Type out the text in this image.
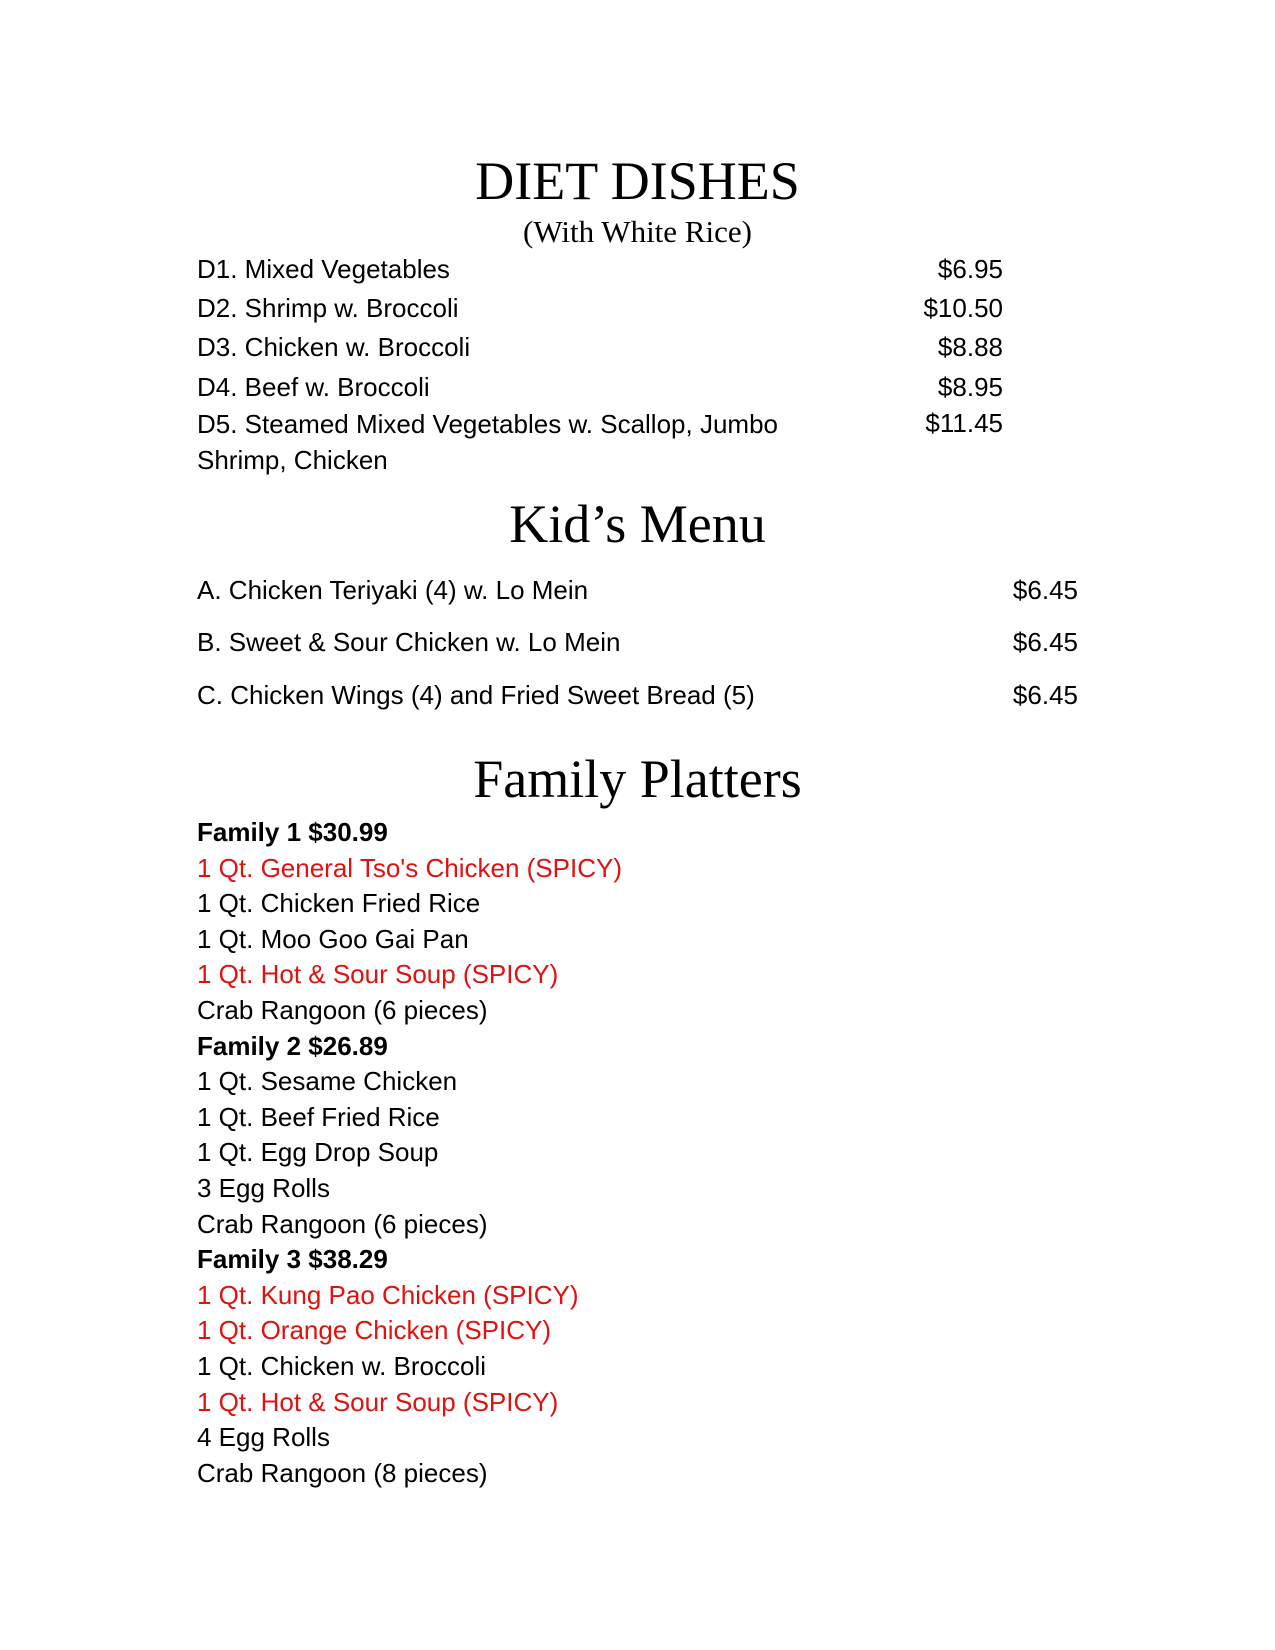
DIET DISHES
(With White Rice)
D1. Mixed Vegetables	$6.95
D2. Shrimp w. Broccoli	$10.50
D3. Chicken w. Broccoli	$8.88
D4. Beef w. Broccoli	$8.95
D5. Steamed Mixed Vegetables w. Scallop, Jumbo Shrimp, Chicken
$11.45
Kid’s Menu
A. Chicken Teriyaki (4) w. Lo Mein	$6.45
B. Sweet & Sour Chicken w. Lo Mein	$6.45
C. Chicken Wings (4) and Fried Sweet Bread (5)	$6.45
Family Platters
Family 1 $30.99
1 Qt. General Tso's Chicken (SPICY)
1 Qt. Chicken Fried Rice
1 Qt. Moo Goo Gai Pan
1 Qt. Hot & Sour Soup (SPICY)
Crab Rangoon (6 pieces)
Family 2 $26.89
1 Qt. Sesame Chicken
1 Qt. Beef Fried Rice
1 Qt. Egg Drop Soup
3 Egg Rolls
Crab Rangoon (6 pieces)
Family 3 $38.29
1 Qt. Kung Pao Chicken (SPICY)
1 Qt. Orange Chicken (SPICY)
1 Qt. Chicken w. Broccoli
1 Qt. Hot & Sour Soup (SPICY)
4 Egg Rolls
Crab Rangoon (8 pieces)
